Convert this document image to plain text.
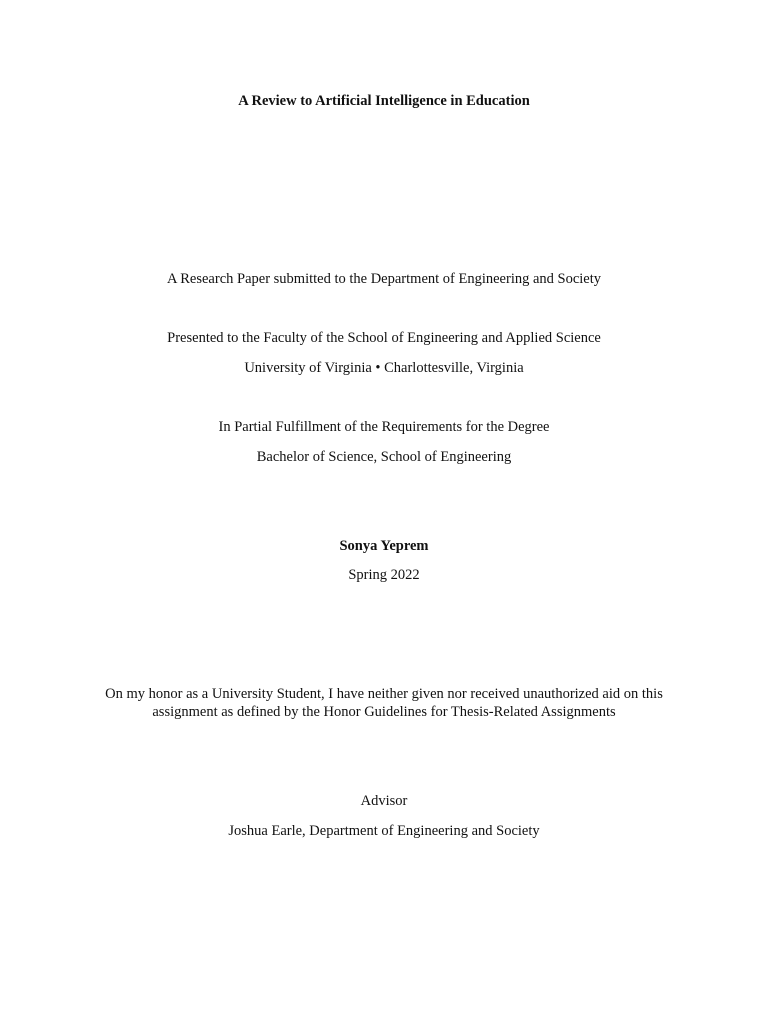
A Review to Artificial Intelligence in Education
A Research Paper submitted to the Department of Engineering and Society
Presented to the Faculty of the School of Engineering and Applied Science
University of Virginia • Charlottesville, Virginia
In Partial Fulfillment of the Requirements for the Degree
Bachelor of Science, School of Engineering
Sonya Yeprem
Spring 2022
On my honor as a University Student, I have neither given nor received unauthorized aid on this
assignment as defined by the Honor Guidelines for Thesis-Related Assignments
Advisor
Joshua Earle, Department of Engineering and Society
